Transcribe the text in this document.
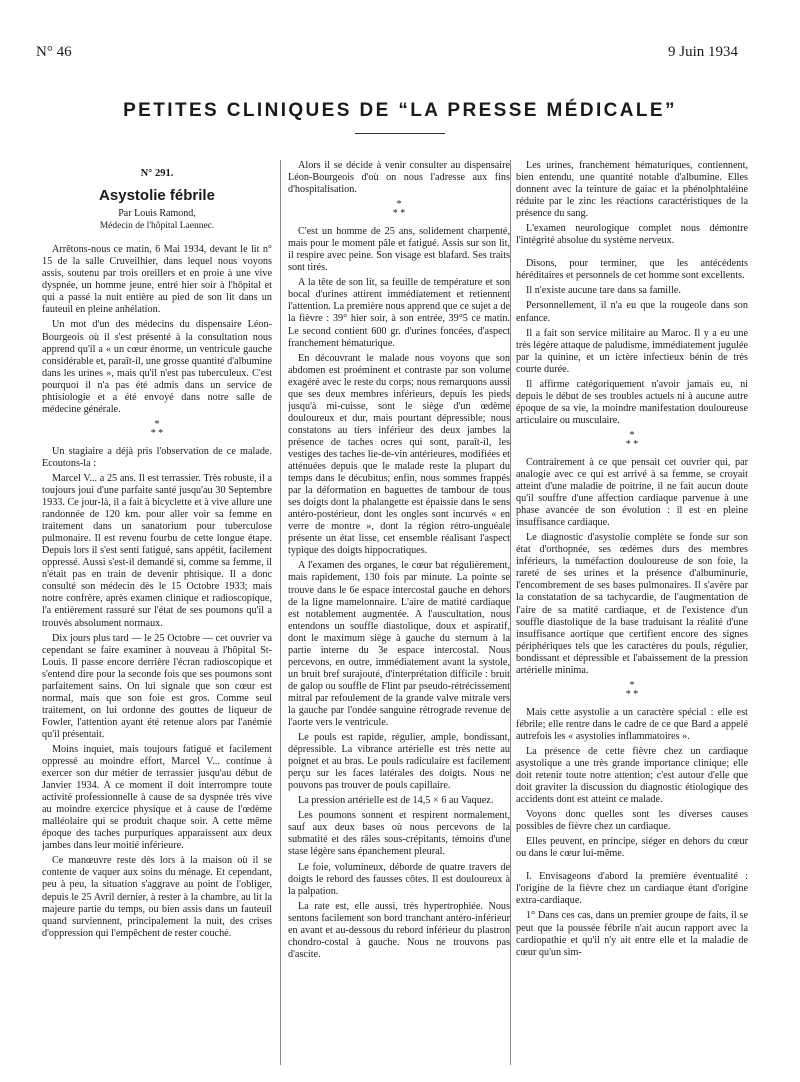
N° 46	9 Juin 1934
PETITES CLINIQUES DE “LA PRESSE MÉDICALE”
N° 291.
Asystolie fébrile
Par Louis Ramond,
Médecin de l'hôpital Laennec.

Arrêtons-nous ce matin, 6 Mai 1934, devant le lit n° 15 de la salle Cruveilhier, dans lequel nous voyons assis, soutenu par trois oreillers et en proie à une vive dyspnée, un homme jeune, entré hier soir à l'hôpital et qui a passé la nuit entière au pied de son lit dans un fauteuil en pleine anhélation.

Un mot d'un des médecins du dispensaire Léon-Bourgeois où il s'est présenté à la consultation nous apprend qu'il a « un cœur énorme, un ventricule gauche considérable et, paraît-il, une grosse quantité d'albumine dans les urines », mais qu'il n'est pas tuberculeux. C'est pourquoi il n'a pas été admis dans un service de phtisiologie et a été envoyé dans notre salle de médecine générale.

*
* *

Un stagiaire a déjà pris l'observation de ce malade. Ecoutons-la :

Marcel V... a 25 ans. Il est terrassier. Très robuste, il a toujours joui d'une parfaite santé jusqu'au 30 Septembre 1933. Ce jour-là, il a fait à bicyclette et à vive allure une randonnée de 120 km. pour aller voir sa femme en traitement dans un sanatorium pour tuberculose pulmonaire. Il est revenu fourbu de cette longue étape. Depuis lors il s'est senti fatigué, sans appétit, facilement oppressé. Aussi s'est-il demandé si, comme sa femme, il n'était pas en train de devenir phtisique. Il a donc consulté son médecin dès le 15 Octobre 1933; mais notre confrère, après examen clinique et radioscopique, l'a entièrement rassuré sur l'état de ses poumons qu'il a trouvés absolument normaux.

Dix jours plus tard — le 25 Octobre — cet ouvrier va cependant se faire examiner à nouveau à l'hôpital St-Louis. Il passe encore derrière l'écran radioscopique et s'entend dire pour la seconde fois que ses poumons sont parfaitement sains. On lui signale que son cœur est normal, mais que son foie est gros. Comme seul traitement, on lui ordonne des gouttes de liqueur de Fowler, l'attention ayant été retenue alors par l'anémie qu'il présentait.

Moins inquiet, mais toujours fatigué et facilement oppressé au moindre effort, Marcel V... continue à exercer son dur métier de terrassier jusqu'au début de Janvier 1934. A ce moment il doit interrompre toute activité professionnelle à cause de sa dyspnée très vive au moindre exercice physique et à cause de l'œdème malléolaire qui se produit chaque soir. A cette même époque des taches purpuriques apparaissent aux deux jambes dans leur moitié inférieure.

Ce manœuvre reste dès lors à la maison où il se contente de vaquer aux soins du ménage. Et cependant, peu à peu, la situation s'aggrave au point de l'obliger, depuis le 25 Avril dernier, à rester à la chambre, au lit la majeure partie du temps, ou bien assis dans un fauteuil quand surviennent, principalement la nuit, des crises d'oppression qui l'empêchent de rester couché.

Alors il se décide à venir consulter au dispensaire Léon-Bourgeois d'où on nous l'adresse aux fins d'hospitalisation.

*
* *

C'est un homme de 25 ans, solidement charpenté, mais pour le moment pâle et fatigué. Assis sur son lit, il respire avec peine. Son visage est blafard. Ses traits sont tirés.

A la tête de son lit, sa feuille de température et son bocal d'urines attirent immédiatement et retiennent l'attention. La première nous apprend que ce sujet a de la fièvre : 39° hier soir, à son entrée, 39°5 ce matin. Le second contient 600 gr. d'urines foncées, d'aspect franchement hématurique.

En découvrant le malade nous voyons que son abdomen est proéminent et contraste par son volume exagéré avec le reste du corps; nous remarquons aussi que ses deux membres inférieurs, depuis les pieds jusqu'à mi-cuisse, sont le siège d'un œdème douloureux et dur, mais pourtant dépressible; nous constatons au tiers inférieur des deux jambes la présence de taches ocres qui sont, paraît-il, les vestiges des taches lie-de-vin antérieures, modifiées et atténuées depuis que le malade reste la plupart du temps dans le décubitus; enfin, nous sommes frappés par la déformation en baguettes de tambour de tous ses doigts dont la phalangette est épaissie dans le sens antéro-postérieur, dont les ongles sont incurvés « en verre de montre », dont la région rétro-unguéale présente un état lisse, cet ensemble réalisant l'aspect typique des doigts hippocratiques.

A l'examen des organes, le cœur bat régulièrement, mais rapidement, 130 fois par minute. La pointe se trouve dans le 6e espace intercostal gauche en dehors de la ligne mamelonnaire. L'aire de matité cardiaque est notablement augmentée. A l'auscultation, nous entendons un souffle diastolique, doux et aspiratif, dont le maximum siège à gauche du sternum à la partie interne du 3e espace intercostal. Nous percevons, en outre, immédiatement avant la systole, un bruit bref surajouté, d'interprétation difficile : bruit de galop ou souffle de Flint par pseudo-rétrécissement mitral par refoulement de la grande valve mitrale vers la gauche par l'ondée sanguine rétrograde revenue de l'aorte vers le ventricule.

Le pouls est rapide, régulier, ample, bondissant, dépressible. La vibrance artérielle est très nette au poignet et au bras. Le pouls radiculaire est facilement perçu sur les faces latérales des doigts. Nous ne pouvons pas trouver de pouls capillaire.

La pression artérielle est de 14,5 × 6 au Vaquez.

Les poumons sonnent et respirent normalement, sauf aux deux bases où nous percevons de la submatité et des râles sous-crépitants, témoins d'une stase légère sans épanchement pleural.

Le foie, volumineux, déborde de quatre travers de doigts le rebord des fausses côtes. Il est douloureux à la palpation.

La rate est, elle aussi, très hypertrophiée. Nous sentons facilement son bord tranchant antéro-inférieur en avant et au-dessous du rebord inférieur du plastron chondro-costal à gauche. Nous ne trouvons pas d'ascite.

Les urines, franchement hématuriques, contiennent, bien entendu, une quantité notable d'albumine. Elles donnent avec la teinture de gaiac et la phénolphtaléine réduite par le zinc les réactions caractéristiques de la présence du sang.

L'examen neurologique complet nous démontre l'intégrité absolue du système nerveux.

Disons, pour terminer, que les antécédents héréditaires et personnels de cet homme sont excellents.

Il n'existe aucune tare dans sa famille.

Personnellement, il n'a eu que la rougeole dans son enfance.

Il a fait son service militaire au Maroc. Il y a eu une très légère attaque de paludisme, immédiatement jugulée par la quinine, et un ictère infectieux bénin de très courte durée.

Il affirme catégoriquement n'avoir jamais eu, ni depuis le début de ses troubles actuels ni à aucune autre époque de sa vie, la moindre manifestation douloureuse articulaire ou musculaire.

*
* *

Contrairement à ce que pensait cet ouvrier qui, par analogie avec ce qui est arrivé à sa femme, se croyait atteint d'une maladie de poitrine, il ne fait aucun doute qu'il souffre d'une affection cardiaque parvenue à une phase avancée de son évolution : il est en pleine insuffisance cardiaque.

Le diagnostic d'asystolie complète se fonde sur son état d'orthopnée, ses œdèmes durs des membres inférieurs, la tuméfaction douloureuse de son foie, la rareté de ses urines et la présence d'albuminurie, l'encombrement de ses bases pulmonaires. Il s'avère par la constatation de sa tachycardie, de l'augmentation de l'aire de sa matité cardiaque, et de l'existence d'un souffle diastolique de la base traduisant la réalité d'une insuffisance aortique que certifient encore des signes périphériques tels que les caractères du pouls, régulier, bondissant et dépressible et l'abaissement de la pression artérielle minima.

*
* *

Mais cette asystolie a un caractère spécial : elle est fébrile; elle rentre dans le cadre de ce que Bard a appelé autrefois les « asystolies inflammatoires ».

La présence de cette fièvre chez un cardiaque asystolique a une très grande importance clinique; elle doit retenir toute notre attention; c'est autour d'elle que doit graviter la discussion du diagnostic étiologique des accidents dont est atteint ce malade.

Voyons donc quelles sont les diverses causes possibles de fièvre chez un cardiaque.

Elles peuvent, en principe, siéger en dehors du cœur ou dans le cœur lui-même.

I. Envisageons d'abord la première éventualité : l'origine de la fièvre chez un cardiaque étant d'origine extra-cardiaque.

1° Dans ces cas, dans un premier groupe de faits, il se peut que la poussée fébrile n'ait aucun rapport avec la cardiopathie et qu'il n'y ait entre elle et la maladie de cœur qu'un sim-
